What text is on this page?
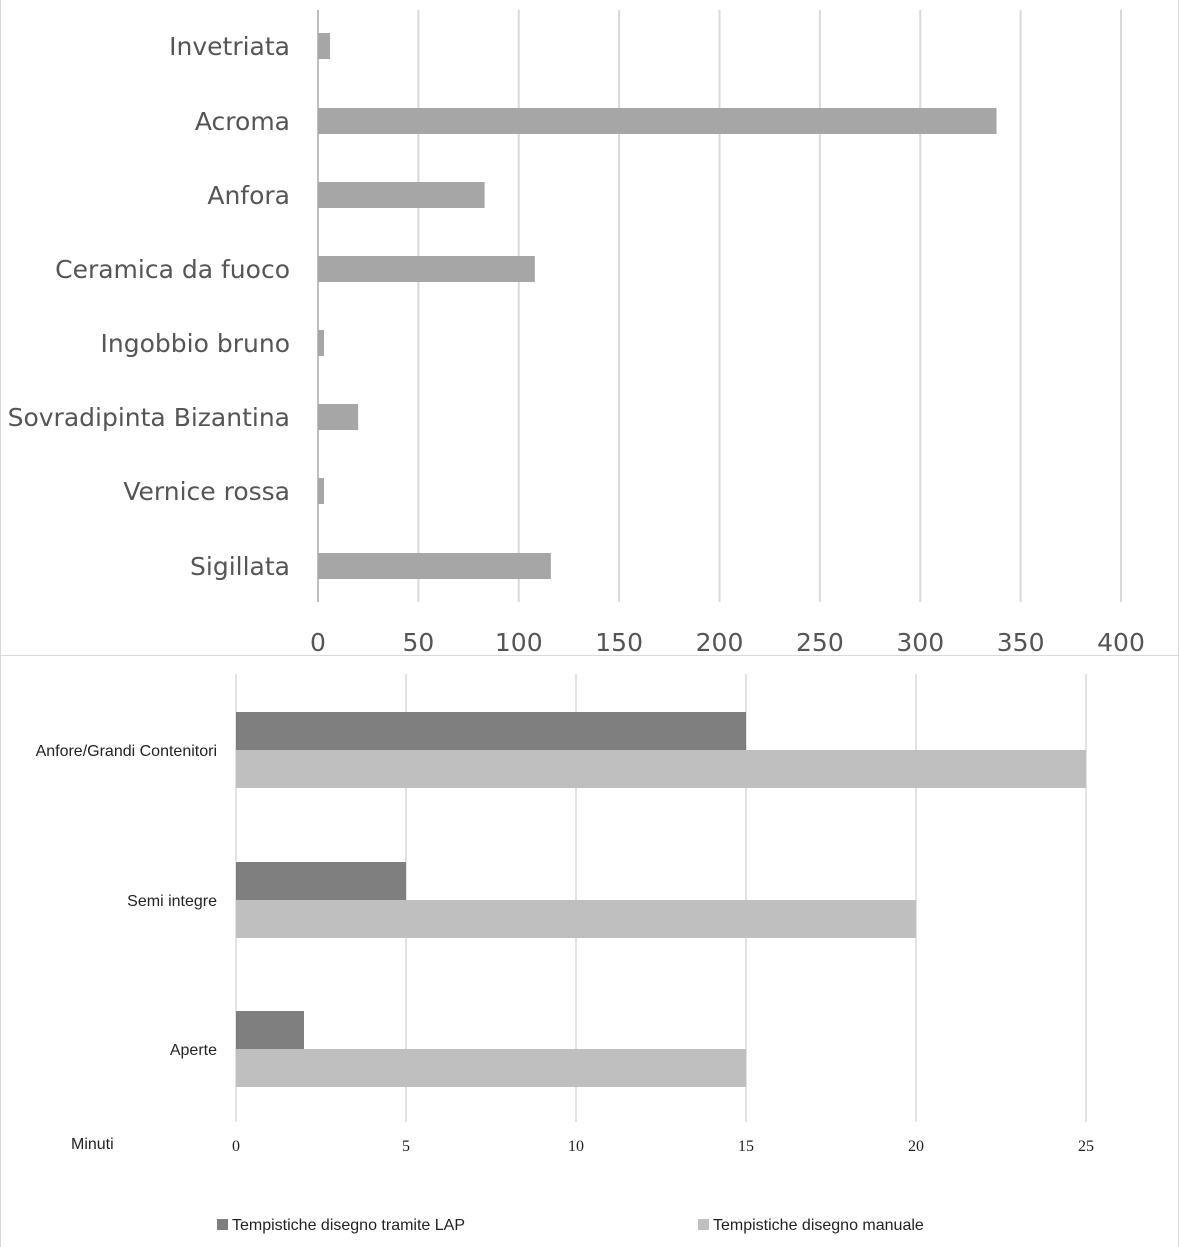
0	50 100 150 200 250 300 350 400
Invetriata
Acroma
Anfora
Ceramica da fuoco
Ingobbio bruno
Sovradipinta Bizantina
Vernice rossa
Sigillata
0	5	10	15	20	25
Minuti
Anfore/Grandi Contenitori
Semi integre
Aperte
Tempistiche disegno tramite LAP	Tempistiche disegno manuale
